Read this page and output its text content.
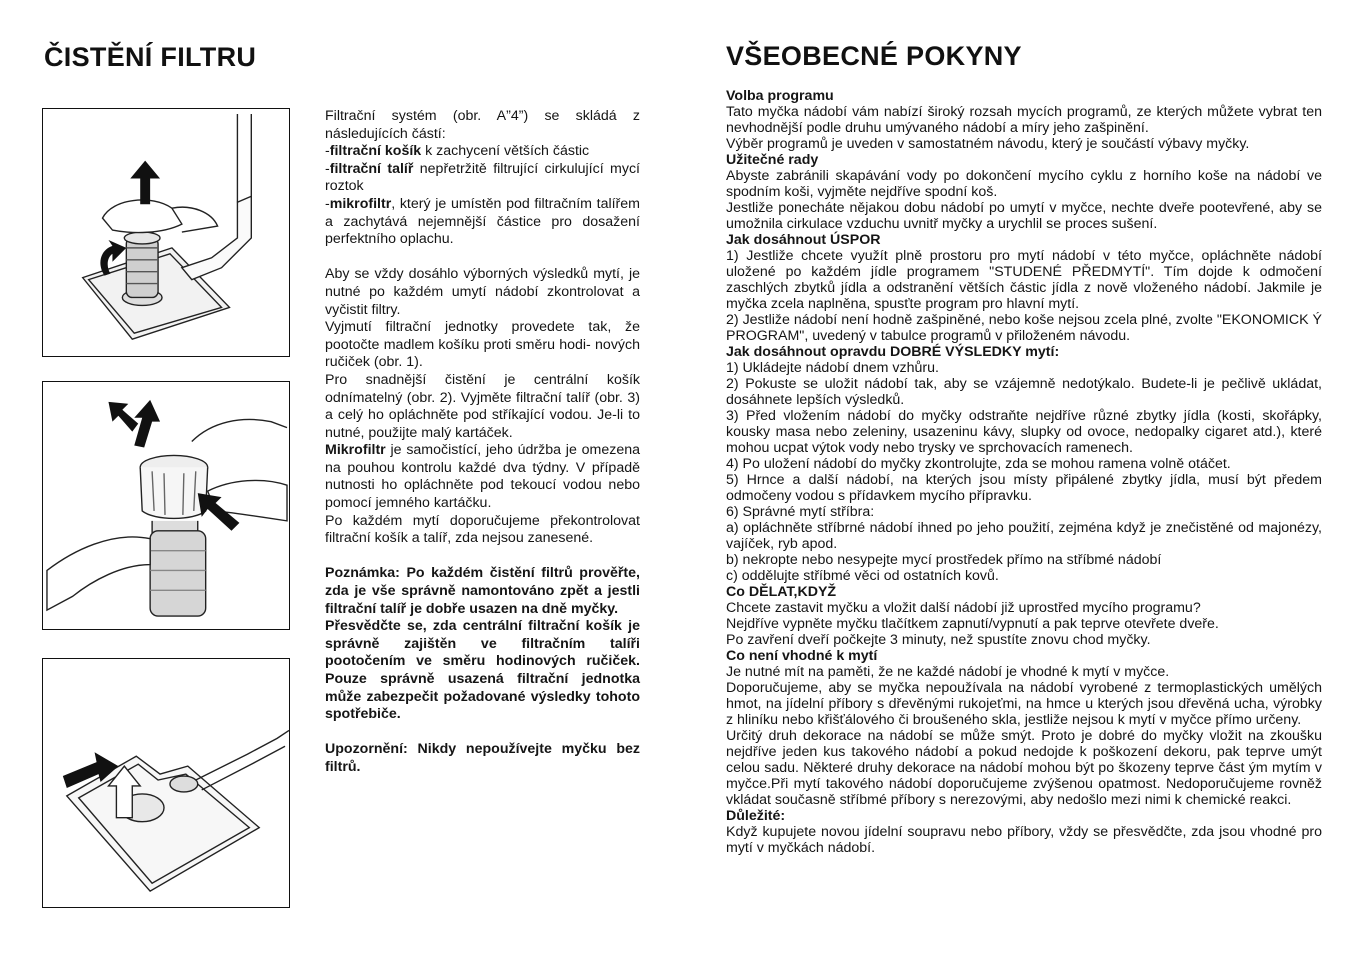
ČISTĚNÍ FILTRU	VŠEOBECNÉ POKYNY

Filtrační systém (obr. A”4”) se skládá z následujících částí:

-filtrační košík k zachycení větších částic

-filtrační talíř nepřetržitě filtrující cirkulující mycí roztok

-mikrofiltr, který je umístěn pod filtračním talířem a zachytává nejemnější částice pro dosažení perfektního oplachu.

Aby se vždy dosáhlo výborných výsledků mytí, je nutné po každém umytí nádobí zkontrolovat a vyčistit filtry.

Vyjmutí filtrační jednotky provedete tak, že pootočte madlem košíku proti směru hodi- nových ručiček (obr. 1).

Pro snadnější čistění je centrální košík odnímatelný (obr. 2). Vyjměte filtrační talíř (obr. 3) a celý ho opláchněte pod stříkající vodou. Je-li to nutné, použijte malý kartáček.

Mikrofiltr je samočistící, jeho údržba je omezena na pouhou kontrolu každé dva týdny. V případě nutnosti ho opláchněte pod tekoucí vodou nebo pomocí jemného kartáčku.

Po každém mytí doporučujeme překontrolovat filtrační košík a talíř, zda nejsou zanesené.

Poznámka: Po každém čistění filtrů prověřte, zda je vše správně namontováno zpět a jestli filtrační talíř je dobře usazen na dně myčky.

Přesvědčte se, zda centrální filtrační košík je správně zajištěn ve filtračním talíři pootočením ve směru hodinových ručiček. Pouze správně usazená filtrační jednotka může zabezpečit požadované výsledky tohoto spotřebiče.

Upozornění: Nikdy nepoužívejte myčku bez filtrů.

Volba programu

Tato myčka nádobí vám nabízí široký rozsah mycích programů, ze kterých můžete vybrat ten nevhodnější podle druhu umývaného nádobí a míry jeho zašpinění.

Výběr programů je uveden v samostatném návodu, který je součástí výbavy myčky.

Užitečné rady

Abyste zabránili skapávání vody po dokončení mycího cyklu z horního koše na nádobí ve spodním koši, vyjměte nejdříve spodní koš.

Jestliže ponecháte nějakou dobu nádobí po umytí v myčce, nechte dveře pootevřené, aby se umožnila cirkulace vzduchu uvnitř myčky a urychlil se proces sušení.

Jak dosáhnout ÚSPOR

1) Jestliže chcete využít plně prostoru pro mytí nádobí v této myčce, opláchněte nádobí uložené po každém jídle programem "STUDENÉ PŘEDMYTÍ". Tím dojde k odmočení zaschlých zbytků jídla a odstranění větších částic jídla z nově vloženého nádobí. Jakmile je myčka zcela naplněna, spusťte program pro hlavní mytí.

2) Jestliže nádobí není hodně zašpiněné, nebo koše nejsou zcela plné, zvolte "EKONOMICK Ý PROGRAM", uvedený v tabulce programů v přiloženém návodu.

Jak dosáhnout opravdu DOBRÉ VÝSLEDKY mytí:

1) Ukládejte nádobí dnem vzhůru.

2) Pokuste se uložit nádobí tak, aby se vzájemně nedotýkalo. Budete-li je pečlivě ukládat, dosáhnete lepších výsledků.

3) Před vložením nádobí do myčky odstraňte nejdříve různé zbytky jídla (kosti, skořápky, kousky masa nebo zeleniny, usazeninu kávy, slupky od ovoce, nedopalky cigaret atd.), které mohou ucpat výtok vody nebo trysky ve sprchovacích ramenech.

4) Po uložení nádobí do myčky zkontrolujte, zda se mohou ramena volně otáčet.

5) Hrnce a další nádobí, na kterých jsou místy připálené zbytky jídla, musí být předem odmočeny vodou s přídavkem mycího přípravku.

6) Správné mytí stříbra:

a) opláchněte stříbrné nádobí ihned po jeho použití, zejména když je znečistěné od majonézy, vajíček, ryb apod.

b) nekropte nebo nesypejte mycí prostředek přímo na stříbmé nádobí

c) oddělujte stříbmé věci od ostatních kovů.

Co DĚLAT,KDYŽ

Chcete zastavit myčku a vložit další nádobí již uprostřed mycího programu?

Nejdříve vypněte myčku tlačítkem zapnutí/vypnutí a pak teprve otevřete dveře.

Po zavření dveří počkejte 3 minuty, než spustíte znovu chod myčky.

Co není vhodné k mytí

Je nutné mít na paměti, že ne každé nádobí je vhodné k mytí v myčce.

Doporučujeme, aby se myčka nepoužívala na nádobí vyrobené z termoplastických umělých hmot, na jídelní příbory s dřevěnými rukojeťmi, na hmce u kterých jsou dřevěná ucha, výrobky z hliníku nebo křišťálového či broušeného skla, jestliže nejsou k mytí v myčce přímo určeny.

Určitý druh dekorace na nádobí se může smýt. Proto je dobré do myčky vložit na zkoušku nejdříve jeden kus takového nádobí a pokud nedojde k poškození dekoru, pak teprve umýt celou sadu. Některé druhy dekorace na nádobí mohou být po škozeny teprve část ým mytím v myčce.Při mytí takového nádobí doporučujeme zvýšenou opatmost. Nedoporučujeme rovněž vkládat současně stříbmé příbory s nerezovými, aby nedošlo mezi nimi k chemické reakci.

Důležité:

Když kupujete novou jídelní soupravu nebo příbory, vždy se přesvědčte, zda jsou vhodné pro mytí v myčkách nádobí.
